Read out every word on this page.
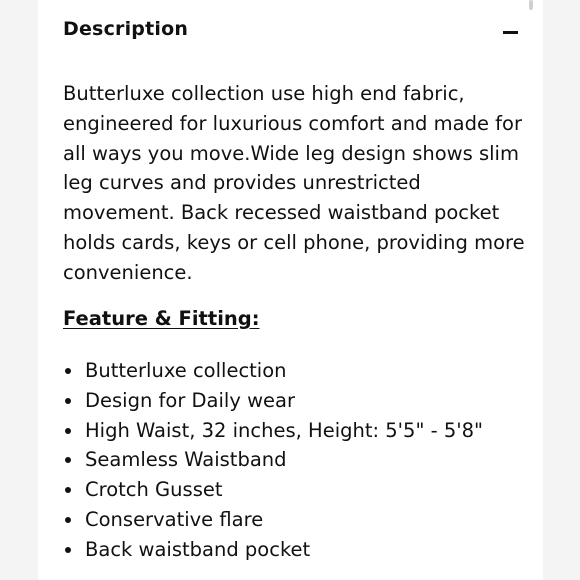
Description

Butterluxe collection use high end fabric, engineered for luxurious comfort and made for all ways you move.Wide leg design shows slim leg curves and provides unrestricted movement. Back recessed waistband pocket holds cards, keys or cell phone, providing more convenience.

Feature & Fitting:
Butterluxe collection
Design for Daily wear
High Waist, 32 inches, Height: 5'5" - 5'8"
Seamless Waistband
Crotch Gusset
Conservative flare
Back waistband pocket
